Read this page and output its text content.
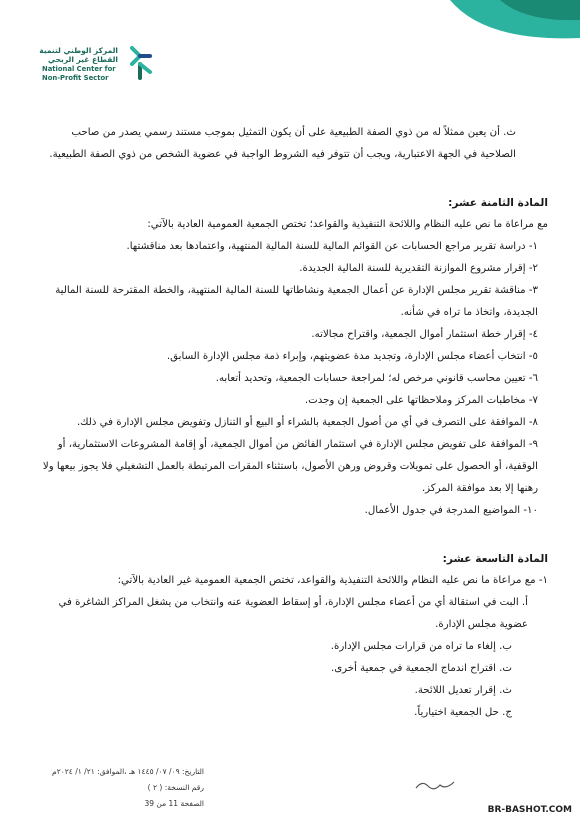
المركز الوطني لتنمية
القطاع غير الربحي
National Center for
Non-Profit Sector

ث. أن يعين ممثلاً له من ذوي الصفة الطبيعية على أن يكون التمثيل بموجب مستند رسمي يصدر من صاحب الصلاحية في الجهة الاعتبارية، ويجب أن تتوفر فيه الشروط الواجبة في عضوية الشخص من ذوي الصفة الطبيعية.

المادة الثامنة عشر:

مع مراعاة ما نص عليه النظام واللائحة التنفيذية والقواعد؛ تختص الجمعية العمومية العادية بالآتي:

١- دراسة تقرير مراجع الحسابات عن القوائم المالية للسنة المالية المنتهية، واعتمادها بعد مناقشتها.

٢- إقرار مشروع الموازنة التقديرية للسنة المالية الجديدة.

٣- مناقشة تقرير مجلس الإدارة عن أعمال الجمعية ونشاطاتها للسنة المالية المنتهية، والخطة المقترحة للسنة المالية الجديدة، واتخاذ ما تراه في شأنه.

٤- إقرار خطة استثمار أموال الجمعية، واقتراح مجالاته.

٥- انتخاب أعضاء مجلس الإدارة، وتجديد مدة عضويتهم، وإبراء ذمة مجلس الإدارة السابق.

٦- تعيين محاسب قانوني مرخص له؛ لمراجعة حسابات الجمعية، وتحديد أتعابه.

٧- مخاطبات المركز وملاحظاتها على الجمعية إن وجدت.

٨- الموافقة على التصرف في أي من أصول الجمعية بالشراء أو البيع أو التنازل وتفويض مجلس الإدارة في ذلك.

٩- الموافقة على تفويض مجلس الإدارة في استثمار الفائض من أموال الجمعية، أو إقامة المشروعات الاستثمارية، أو الوقفية، أو الحصول على تمويلات وقروض ورهن الأصول، باستثناء المقرات المرتبطة بالعمل التشغيلي فلا يجوز بيعها ولا رهنها إلا بعد موافقة المركز.

١٠- المواضيع المدرجة في جدول الأعمال.

المادة التاسعة عشر:

١- مع مراعاة ما نص عليه النظام واللائحة التنفيذية والقواعد، تختص الجمعية العمومية غير العادية بالآتي:

أ. البت في استقالة أي من أعضاء مجلس الإدارة، أو إسقاط العضوية عنه وانتخاب من يشغل المراكز الشاغرة في عضوية مجلس الإدارة.

ب. إلغاء ما تراه من قرارات مجلس الإدارة.

ت. اقتراح اندماج الجمعية في جمعية أخرى.

ث. إقرار تعديل اللائحة.

ج. حل الجمعية اختيارياً.

التاريخ: ٠٩/ ٠٧/ ١٤٤٥ هـ ،الموافق: ٢١/ ١/ ٢٠٢٤م
رقم النسخة: ( ٢ )
الصفحة 11 من 39
BR-BASHOT.COM
